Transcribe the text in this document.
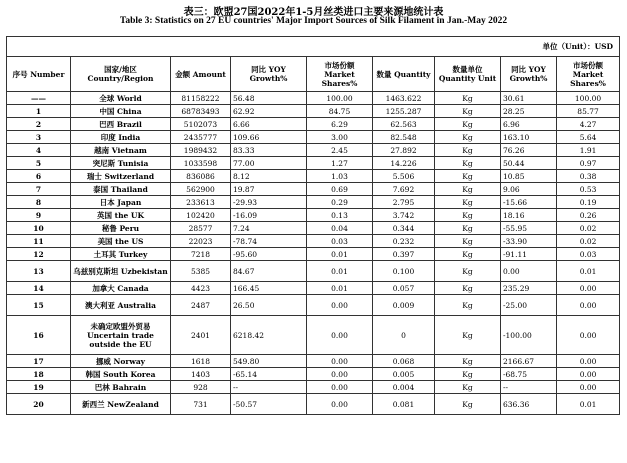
表三：欧盟27国2022年1-5月丝类进口主要来源地统计表
Table 3: Statistics on 27 EU countries' Major Import Sources of Silk Filament in Jan.-May 2022
单位（Unit）：USD								
序号 Number	国家/地区 Country/Region	金额 Amount	同比 YOY Growth%	市场份额 Market Shares%	数量 Quantity	数量单位 Quantity Unit	同比 YOY Growth%	市场份额 Market Shares%
——	全球 World	81158222	56.48	100.00	1463.622	Kg	30.61	100.00
1	中国 China	68783493	62.92	84.75	1255.287	Kg	28.25	85.77
2	巴西 Brazil	5102073	6.66	6.29	62.563	Kg	6.96	4.27
3	印度 India	2435777	109.66	3.00	82.548	Kg	163.10	5.64
4	越南 Vietnam	1989432	83.33	2.45	27.892	Kg	76.26	1.91
5	突尼斯 Tunisia	1033598	77.00	1.27	14.226	Kg	50.44	0.97
6	瑞士 Switzerland	836086	8.12	1.03	5.506	Kg	10.85	0.38
7	泰国 Thailand	562900	19.87	0.69	7.692	Kg	9.06	0.53
8	日本 Japan	233613	-29.93	0.29	2.795	Kg	-15.66	0.19
9	英国 the UK	102420	-16.09	0.13	3.742	Kg	18.16	0.26
10	秘鲁 Peru	28577	7.24	0.04	0.344	Kg	-55.95	0.02
11	美国 the US	22023	-78.74	0.03	0.232	Kg	-33.90	0.02
12	土耳其 Turkey	7218	-95.60	0.01	0.397	Kg	-91.11	0.03
13	乌兹别克斯坦 Uzbekistan	5385	84.67	0.01	0.100	Kg	0.00	0.01
14	加拿大 Canada	4423	166.45	0.01	0.057	Kg	235.29	0.00
15	澳大利亚 Australia	2487	26.50	0.00	0.009	Kg	-25.00	0.00
16	未确定欧盟外贸易 Uncertain trade outside the EU	2401	6218.42	0.00	0	Kg	-100.00	0.00
17	挪威 Norway	1618	549.80	0.00	0.068	Kg	2166.67	0.00
18	韩国 South Korea	1403	-65.14	0.00	0.005	Kg	-68.75	0.00
19	巴林 Bahrain	928	--	0.00	0.004	Kg	--	0.00
20	新西兰 NewZealand	731	-50.57	0.00	0.081	Kg	636.36	0.01
